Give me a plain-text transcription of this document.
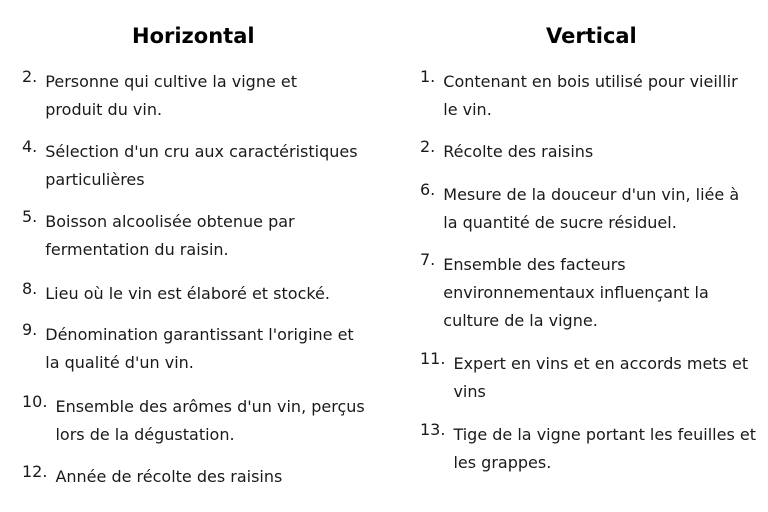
Horizontal
2. Personne qui cultive la vigne et produit du vin.
4. Sélection d'un cru aux caractéristiques particulières
5. Boisson alcoolisée obtenue par fermentation du raisin.
8. Lieu où le vin est élaboré et stocké.
9. Dénomination garantissant l'origine et la qualité d'un vin.
10. Ensemble des arômes d'un vin, perçus lors de la dégustation.
12. Année de récolte des raisins
Vertical
1. Contenant en bois utilisé pour vieillir le vin.
2. Récolte des raisins
6. Mesure de la douceur d'un vin, liée à la quantité de sucre résiduel.
7. Ensemble des facteurs environnementaux influençant la culture de la vigne.
11. Expert en vins et en accords mets et vins
13. Tige de la vigne portant les feuilles et les grappes.
